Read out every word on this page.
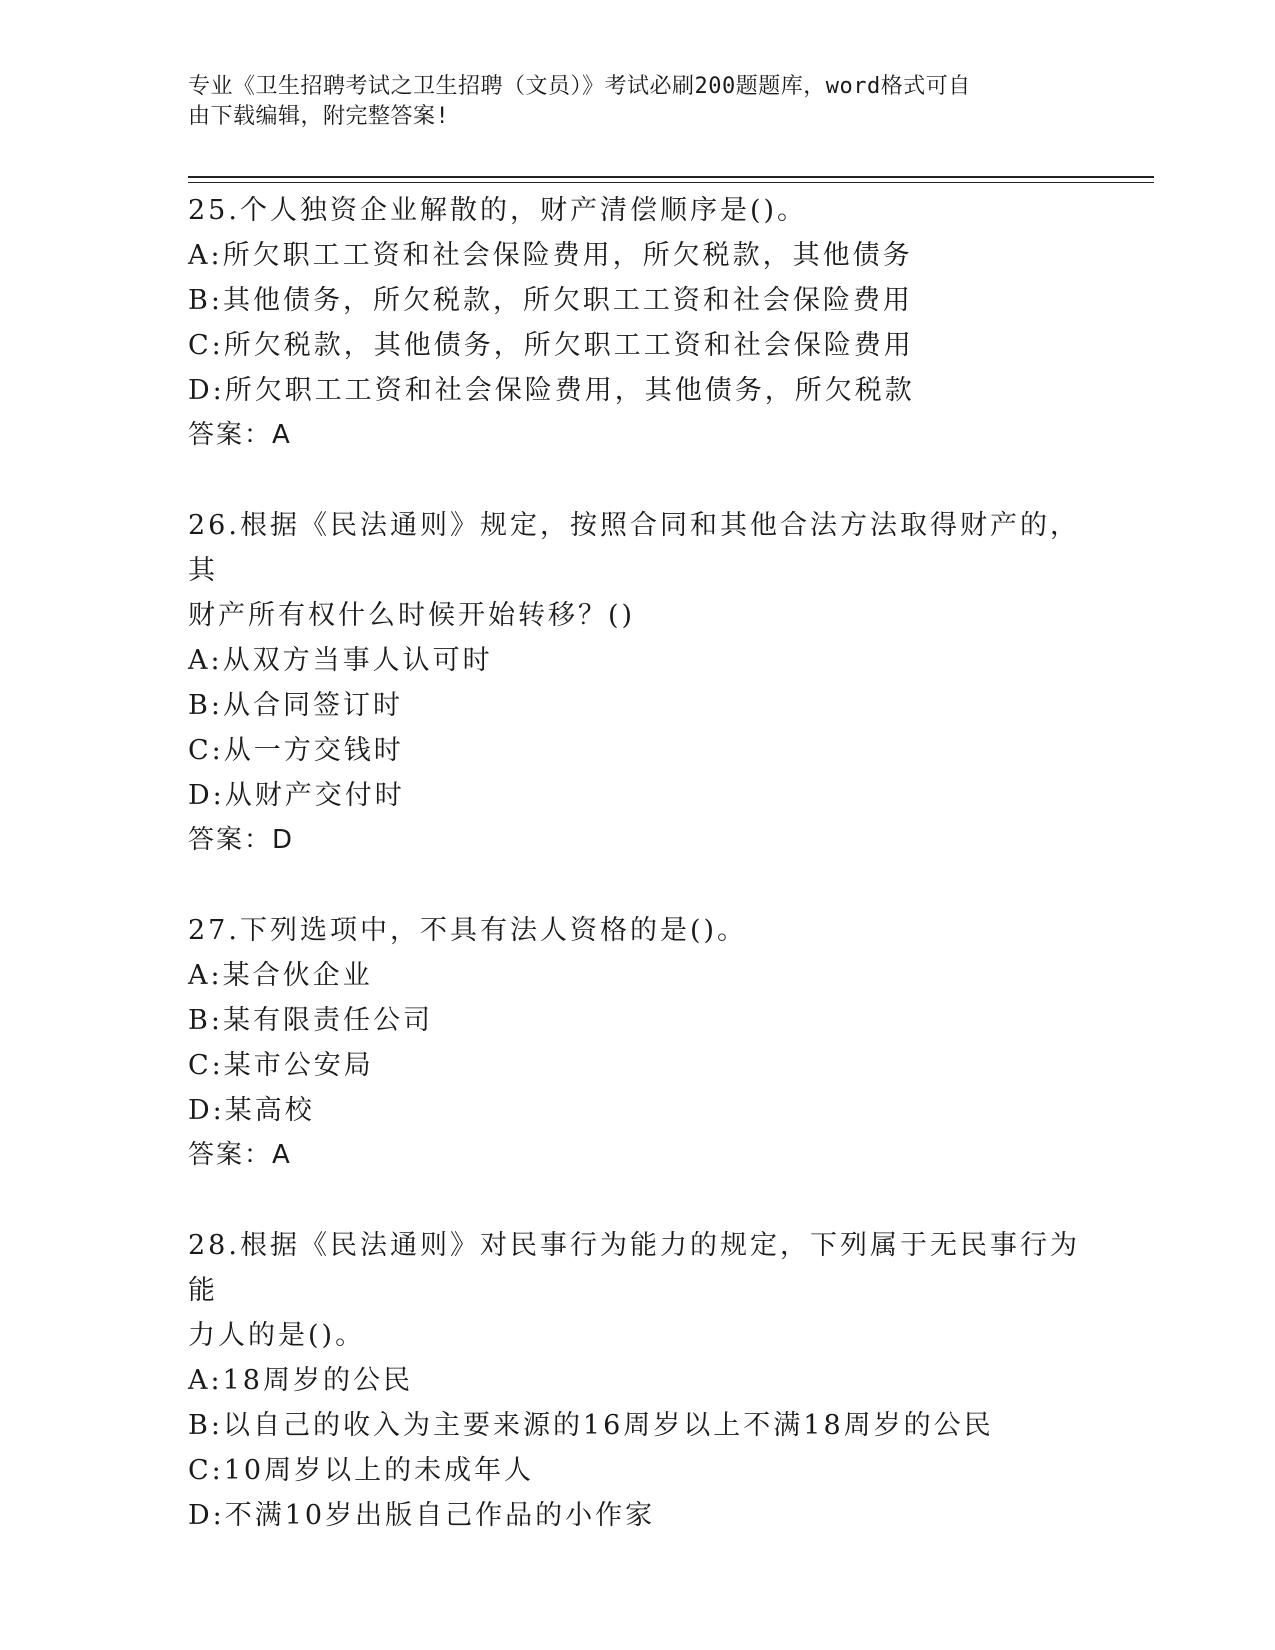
专业《卫生招聘考试之卫生招聘（文员）》考试必刷200题题库，word格式可自
由下载编辑，附完整答案!
25.个人独资企业解散的，财产清偿顺序是()。
A:所欠职工工资和社会保险费用，所欠税款，其他债务
B:其他债务，所欠税款，所欠职工工资和社会保险费用
C:所欠税款，其他债务，所欠职工工资和社会保险费用
D:所欠职工工资和社会保险费用，其他债务，所欠税款
答案：A
26.根据《民法通则》规定，按照合同和其他合法方法取得财产的，其
财产所有权什么时候开始转移？()
A:从双方当事人认可时
B:从合同签订时
C:从一方交钱时
D:从财产交付时
答案：D
27.下列选项中，不具有法人资格的是()。
A:某合伙企业
B:某有限责任公司
C:某市公安局
D:某高校
答案：A
28.根据《民法通则》对民事行为能力的规定，下列属于无民事行为能
力人的是()。
A:18周岁的公民
B:以自己的收入为主要来源的16周岁以上不满18周岁的公民
C:10周岁以上的未成年人
D:不满10岁出版自己作品的小作家
